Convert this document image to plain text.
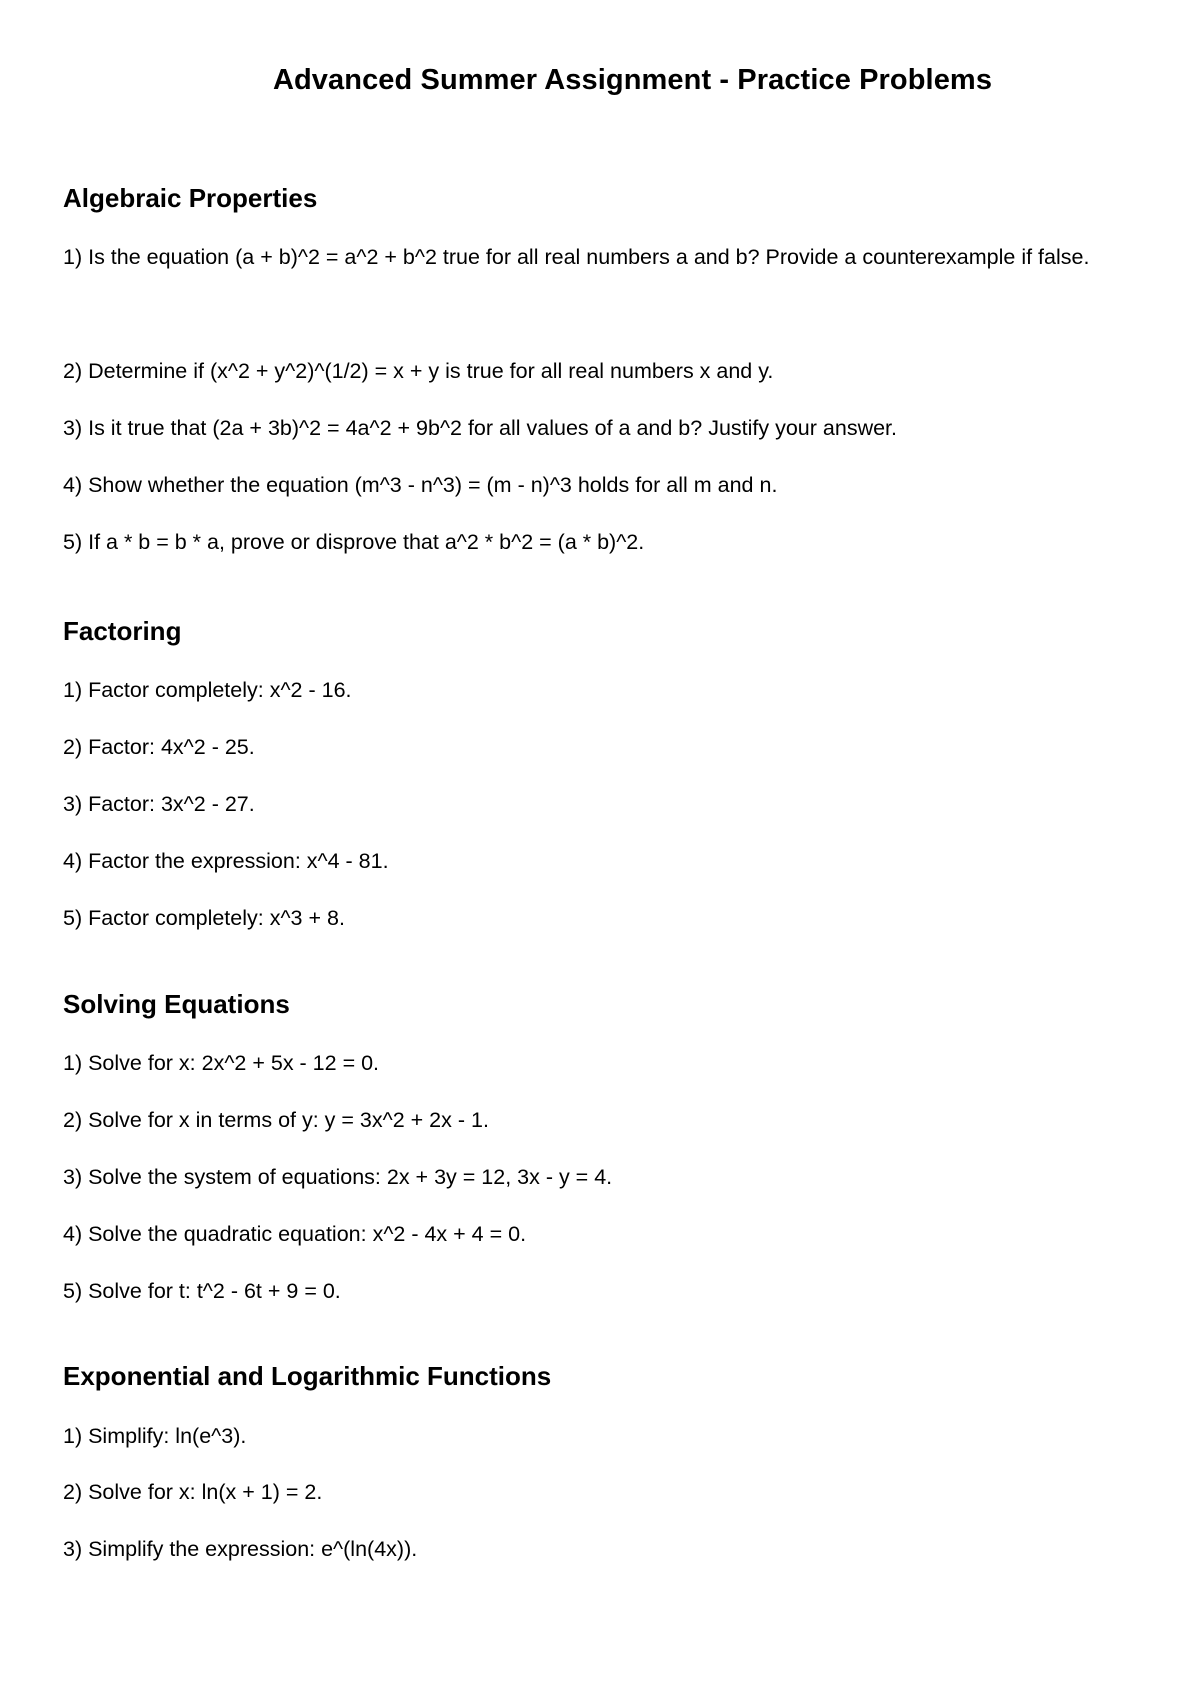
Advanced Summer Assignment - Practice Problems
Algebraic Properties

1) Is the equation (a + b)^2 = a^2 + b^2 true for all real numbers a and b? Provide a counterexample if false.

2) Determine if (x^2 + y^2)^(1/2) = x + y is true for all real numbers x and y.

3) Is it true that (2a + 3b)^2 = 4a^2 + 9b^2 for all values of a and b? Justify your answer.

4) Show whether the equation (m^3 - n^3) = (m - n)^3 holds for all m and n.

5) If a * b = b * a, prove or disprove that a^2 * b^2 = (a * b)^2.

Factoring

1) Factor completely: x^2 - 16.

2) Factor: 4x^2 - 25.

3) Factor: 3x^2 - 27.

4) Factor the expression: x^4 - 81.

5) Factor completely: x^3 + 8.

Solving Equations

1) Solve for x: 2x^2 + 5x - 12 = 0.

2) Solve for x in terms of y: y = 3x^2 + 2x - 1.

3) Solve the system of equations: 2x + 3y = 12, 3x - y = 4.

4) Solve the quadratic equation: x^2 - 4x + 4 = 0.

5) Solve for t: t^2 - 6t + 9 = 0.

Exponential and Logarithmic Functions

1) Simplify: ln(e^3).

2) Solve for x: ln(x + 1) = 2.

3) Simplify the expression: e^(ln(4x)).
